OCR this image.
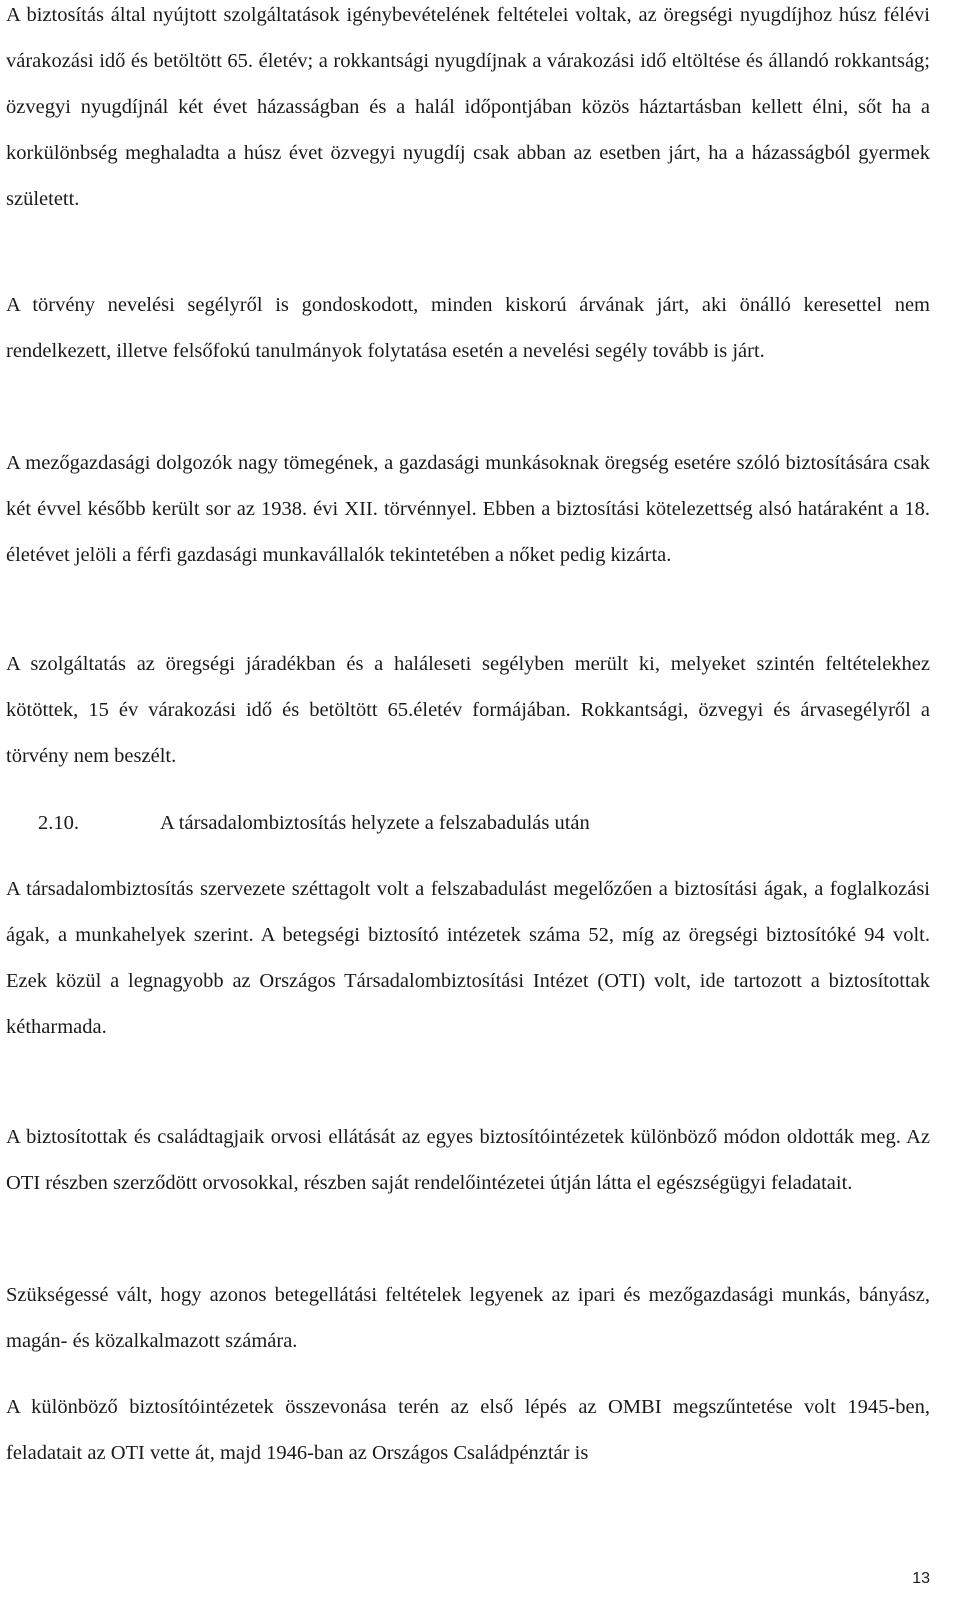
A biztosítás által nyújtott szolgáltatások igénybevételének feltételei voltak, az öregségi nyugdíjhoz húsz félévi várakozási idő és betöltött 65. életév; a rokkantsági nyugdíjnak a várakozási idő eltöltése és állandó rokkantság; özvegyi nyugdíjnál két évet házasságban és a halál időpontjában közös háztartásban kellett élni, sőt ha a korkülönbség meghaladta a húsz évet özvegyi nyugdíj csak abban az esetben járt, ha a házasságból gyermek született.

A törvény nevelési segélyről is gondoskodott, minden kiskorú árvának járt, aki önálló keresettel nem rendelkezett, illetve felsőfokú tanulmányok folytatása esetén a nevelési segély tovább is járt.

A mezőgazdasági dolgozók nagy tömegének, a gazdasági munkásoknak öregség esetére szóló biztosítására csak két évvel később került sor az 1938. évi XII. törvénnyel. Ebben a biztosítási kötelezettség alsó határaként a 18. életévet jelöli a férfi gazdasági munkavállalók tekintetében a nőket pedig kizárta.

A szolgáltatás az öregségi járadékban és a haláleseti segélyben merült ki, melyeket szintén feltételekhez kötöttek, 15 év várakozási idő és betöltött 65.életév formájában. Rokkantsági, özvegyi és árvasegélyről a törvény nem beszélt.

2.10.	A társadalombiztosítás helyzete a felszabadulás után

A társadalombiztosítás szervezete széttagolt volt a felszabadulást megelőzően a biztosítási ágak, a foglalkozási ágak, a munkahelyek szerint. A betegségi biztosító intézetek száma 52, míg az öregségi biztosítóké 94 volt. Ezek közül a legnagyobb az Országos Társadalombiztosítási Intézet (OTI) volt, ide tartozott a biztosítottak kétharmada.

A biztosítottak és családtagjaik orvosi ellátását az egyes biztosítóintézetek különböző módon oldották meg. Az OTI részben szerződött orvosokkal, részben saját rendelőintézetei útján látta el egészségügyi feladatait.

Szükségessé vált, hogy azonos betegellátási feltételek legyenek az ipari és mezőgazdasági munkás, bányász, magán- és közalkalmazott számára.

A különböző biztosítóintézetek összevonása terén az első lépés az OMBI megszűntetése volt 1945-ben, feladatait az OTI vette át, majd 1946-ban az Országos Családpénztár is

13
